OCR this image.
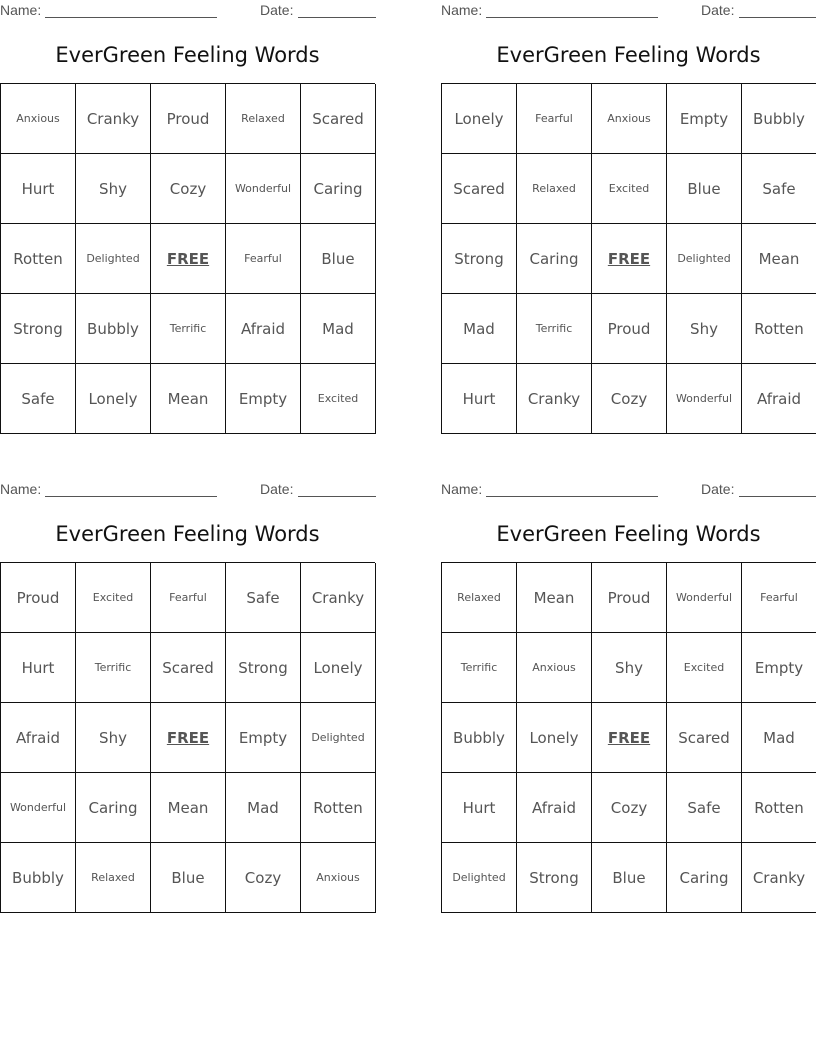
Name:	Date:
EverGreen Feeling Words
Anxious	Cranky	Proud	Relaxed	Scared
Hurt	Shy	Cozy	Wonderful	Caring
Rotten	Delighted	FREE	Fearful	Blue
Strong	Bubbly	Terrific	Afraid	Mad
Safe	Lonely	Mean	Empty	Excited
Name:	Date:
EverGreen Feeling Words
Lonely	Fearful	Anxious	Empty	Bubbly
Scared	Relaxed	Excited	Blue	Safe
Strong	Caring	FREE	Delighted	Mean
Mad	Terrific	Proud	Shy	Rotten
Hurt	Cranky	Cozy	Wonderful	Afraid
Name:	Date:
EverGreen Feeling Words
Proud	Excited	Fearful	Safe	Cranky
Hurt	Terrific	Scared	Strong	Lonely
Afraid	Shy	FREE	Empty	Delighted
Wonderful	Caring	Mean	Mad	Rotten
Bubbly	Relaxed	Blue	Cozy	Anxious
Name:	Date:
EverGreen Feeling Words
Relaxed	Mean	Proud	Wonderful	Fearful
Terrific	Anxious	Shy	Excited	Empty
Bubbly	Lonely	FREE	Scared	Mad
Hurt	Afraid	Cozy	Safe	Rotten
Delighted	Strong	Blue	Caring	Cranky
